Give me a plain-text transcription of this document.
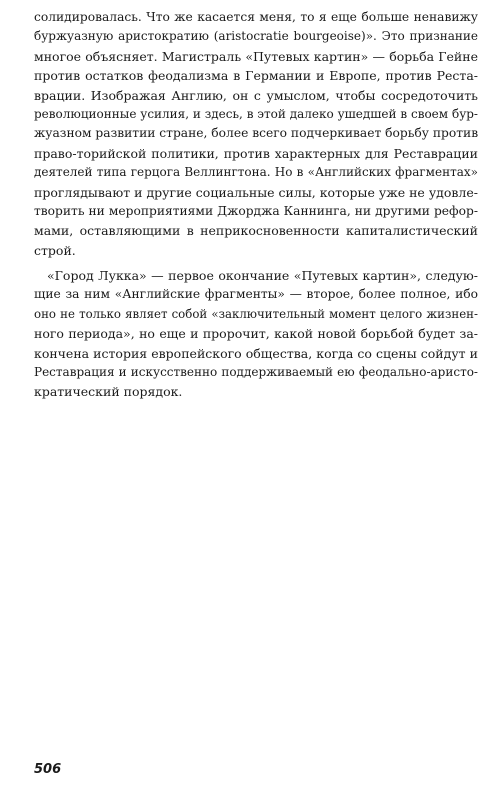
солидировалась. Что же касается меня, то я еще больше ненавижу
буржуазную аристократию (aristocratie bourgeoise)». Это признание
многое объясняет. Магистраль «Путевых картин» — борьба Гейне
против остатков феодализма в Германии и Европе, против Реста-
врации. Изображая Англию, он с умыслом, чтобы сосредоточить
революционные усилия, и здесь, в этой далеко ушедшей в своем бур-
жуазном развитии стране, более всего подчеркивает борьбу против
право-торийской политики, против характерных для Реставрации
деятелей типа герцога Веллингтона. Но в «Английских фрагментах»
проглядывают и другие социальные силы, которые уже не удовле-
творить ни мероприятиями Джорджа Каннинга, ни другими рефор-
мами, оставляющими в неприкосновенности капиталистический
строй.
«Город Лукка» — первое окончание «Путевых картин», следую-
щие за ним «Английские фрагменты» — второе, более полное, ибо
оно не только являет собой «заключительный момент целого жизнен-
ного периода», но еще и пророчит, какой новой борьбой будет за-
кончена история европейского общества, когда со сцены сойдут и
Реставрация и искусственно поддерживаемый ею феодально-аристо-
кратический порядок.
506
